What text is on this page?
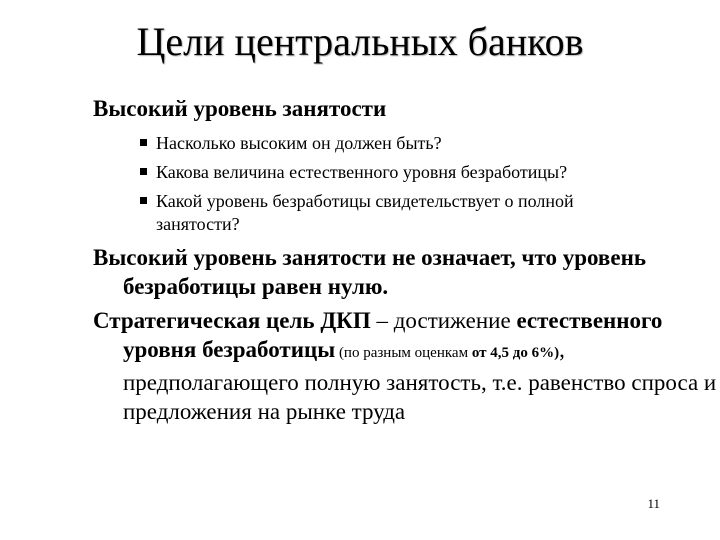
Цели центральных банков
Высокий уровень занятости
Насколько высоким он должен быть?
Какова величина естественного уровня безработицы?
Какой уровень безработицы свидетельствует о полной занятости?
Высокий уровень занятости не означает, что уровень безработицы равен нулю.
Стратегическая цель ДКП – достижение естественного уровня безработицы (по разным оценкам от 4,5 до 6%), предполагающего полную занятость, т.е. равенство спроса и предложения на рынке труда
11
